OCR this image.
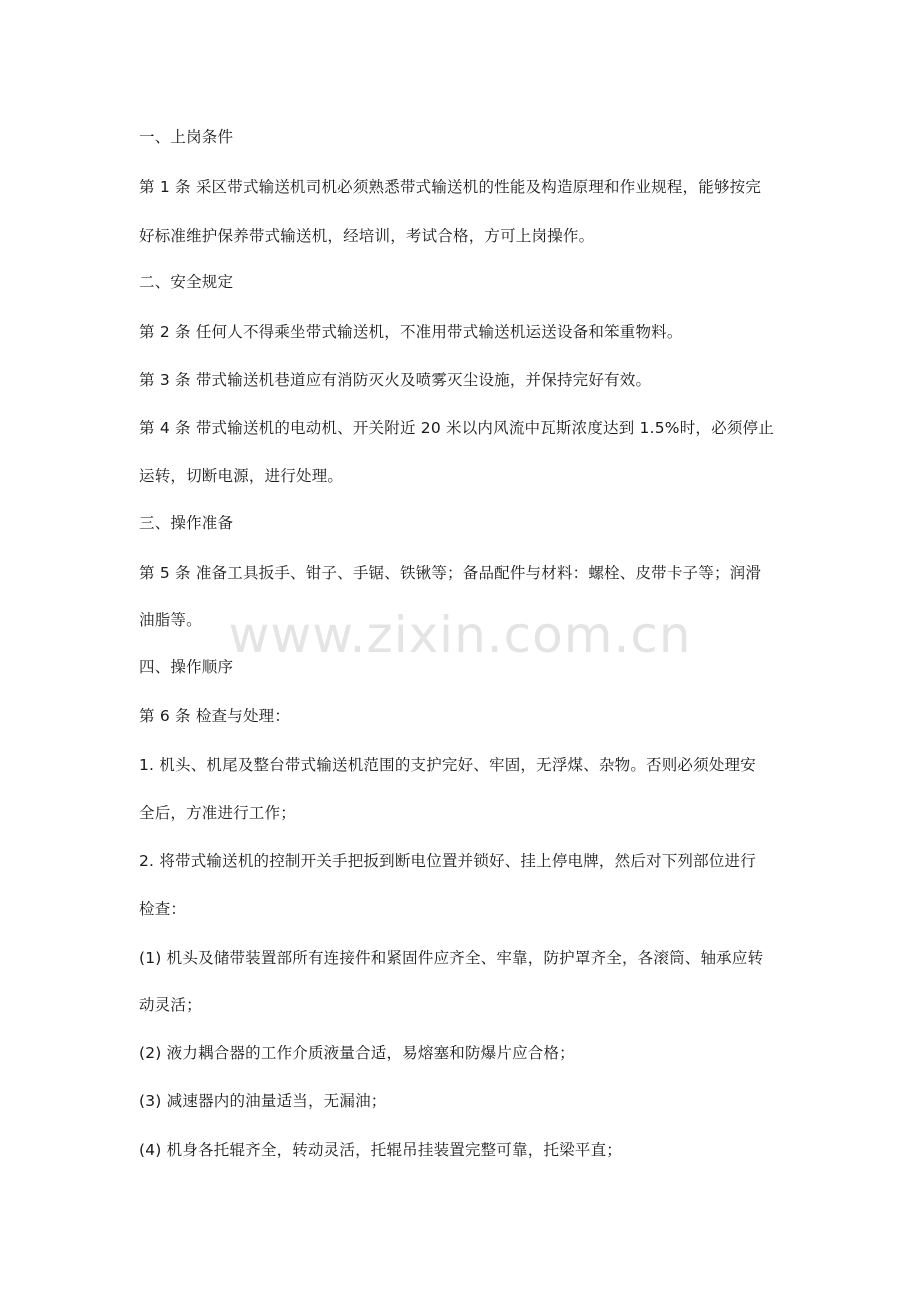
一、上岗条件
第 1 条 采区带式输送机司机必须熟悉带式输送机的性能及构造原理和作业规程，能够按完
好标准维护保养带式输送机，经培训，考试合格，方可上岗操作。
二、安全规定
第 2 条 任何人不得乘坐带式输送机，不准用带式输送机运送设备和笨重物料。
第 3 条 带式输送机巷道应有消防灭火及喷雾灭尘设施，并保持完好有效。
第 4 条 带式输送机的电动机、开关附近 20 米以内风流中瓦斯浓度达到 1.5%时，必须停止
运转，切断电源，进行处理。
三、操作准备
第 5 条 准备工具扳手、钳子、手锯、铁锹等；备品配件与材料：螺栓、皮带卡子等；润滑
油脂等。
四、操作顺序
第 6 条 检查与处理：
1. 机头、机尾及整台带式输送机范围的支护完好、牢固，无浮煤、杂物。否则必须处理安
全后，方准进行工作；
2. 将带式输送机的控制开关手把扳到断电位置并锁好、挂上停电牌，然后对下列部位进行
检查：
(1) 机头及储带装置部所有连接件和紧固件应齐全、牢靠，防护罩齐全，各滚筒、轴承应转
动灵活；
(2) 液力耦合器的工作介质液量合适，易熔塞和防爆片应合格；
(3) 减速器内的油量适当，无漏油；
(4) 机身各托辊齐全，转动灵活，托辊吊挂装置完整可靠，托梁平直；
www.zixin.com.cn
